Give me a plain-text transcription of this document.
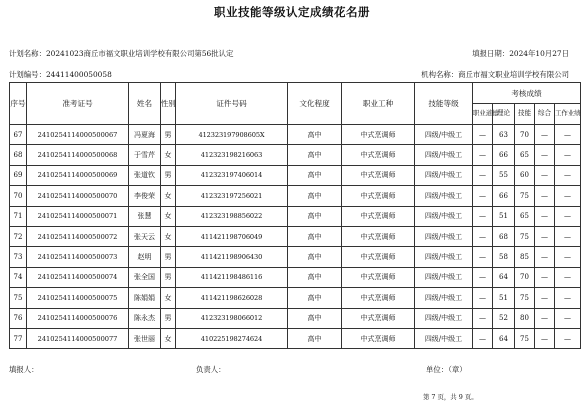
职业技能等级认定成绩花名册
计划名称：20241023商丘市福文职业培训学校有限公司第56批认定	填报日期：2024年10月27日
计划编号：24411400050058	机构名称：商丘市福文职业培训学校有限公司
序号	准考证号	姓名	性别	证件号码	文化程度	职业工种	技能等级	考核成绩				
								职业道德	理论	技能	综合	工作业绩
67	2410254114000500067	冯夏海	男	412323197908605X	高中	中式烹调师	四级/中级工	—	63	70	—	—
68	2410254114000500068	于雪芹	女	412323198216063	高中	中式烹调师	四级/中级工	—	66	65	—	—
69	2410254114000500069	张道钦	男	412323197406014	高中	中式烹调师	四级/中级工	—	55	60	—	—
70	2410254114000500070	李俊荣	女	412323197256021	高中	中式烹调师	四级/中级工	—	66	75	—	—
71	2410254114000500071	张慧	女	412323198856022	高中	中式烹调师	四级/中级工	—	51	65	—	—
72	2410254114000500072	张天云	女	411421198706049	高中	中式烹调师	四级/中级工	—	68	75	—	—
73	2410254114000500073	赵明	男	411421198906430	高中	中式烹调师	四级/中级工	—	58	85	—	—
74	2410254114000500074	张全国	男	411421198486116	高中	中式烹调师	四级/中级工	—	64	70	—	—
75	2410254114000500075	陈娟娟	女	411421198626028	高中	中式烹调师	四级/中级工	—	51	75	—	—
76	2410254114000500076	陈永杰	男	412323198066012	高中	中式烹调师	四级/中级工	—	52	80	—	—
77	2410254114000500077	张世丽	女	410225198274624	高中	中式烹调师	四级/中级工	—	64	75	—	—
填报人：	负责人：	单位：（章）
第 7 页，共 9 页。
